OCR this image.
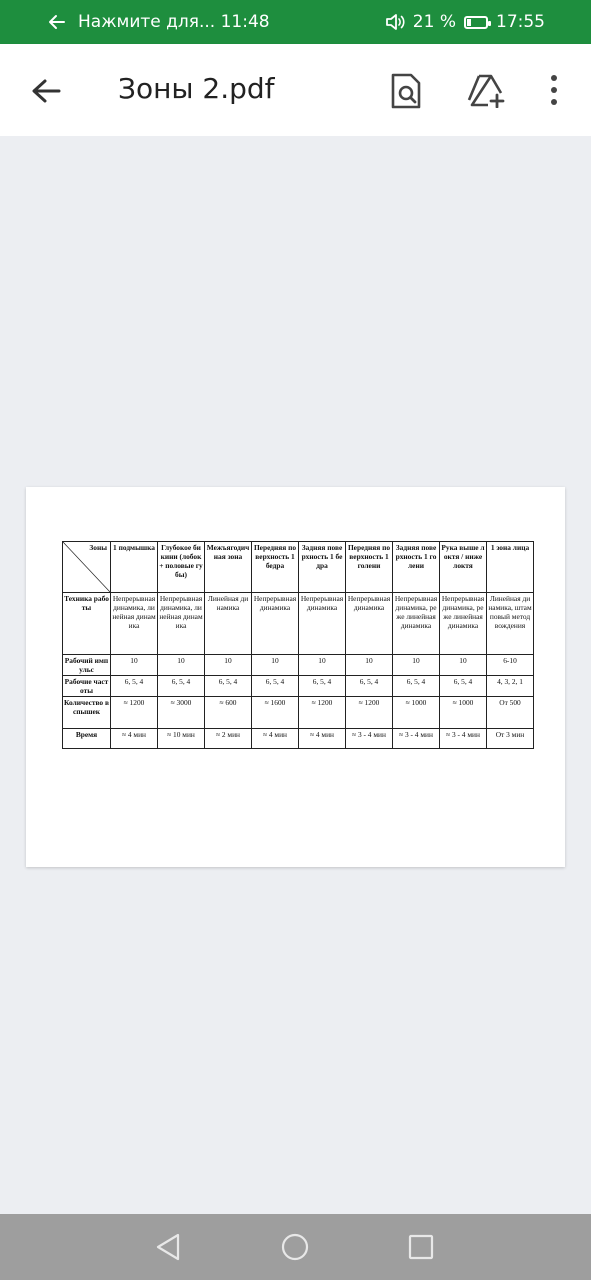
Нажмите для... 11:48	21 % 17:55
Зоны 2.pdf
Зоны	1 подмышка	Глубокое бикини (лобок + половые губы)	Межъягодичная зона	Передняя поверхность 1 бедра	Задняя поверхность 1 бедра	Передняя поверхность 1 голени	Задняя поверхность 1 голени	Рука выше локтя / ниже локтя	1 зона лица
Техника работы	Непрерывная динамика, линейная динамика	Непрерывная динамика, линейная динамика	Линейная динамика	Непрерывная динамика	Непрерывная динамика	Непрерывная динамика	Непрерывная динамика, реже линейная динамика	Непрерывная динамика, реже линейная динамика	Линейная динамика, штамповый метод вождения
Рабочий импульс	10	10	10	10	10	10	10	10	6-10
Рабочие частоты	6, 5, 4	6, 5, 4	6, 5, 4	6, 5, 4	6, 5, 4	6, 5, 4	6, 5, 4	6, 5, 4	4, 3, 2, 1
Количество вспышек	≈ 1200	≈ 3000	≈ 600	≈ 1600	≈ 1200	≈ 1200	≈ 1000	≈ 1000	От 500
Время	≈ 4 мин	≈ 10 мин	≈ 2 мин	≈ 4 мин	≈ 4 мин	≈ 3 - 4 мин	≈ 3 - 4 мин	≈ 3 - 4 мин	От 3 мин
